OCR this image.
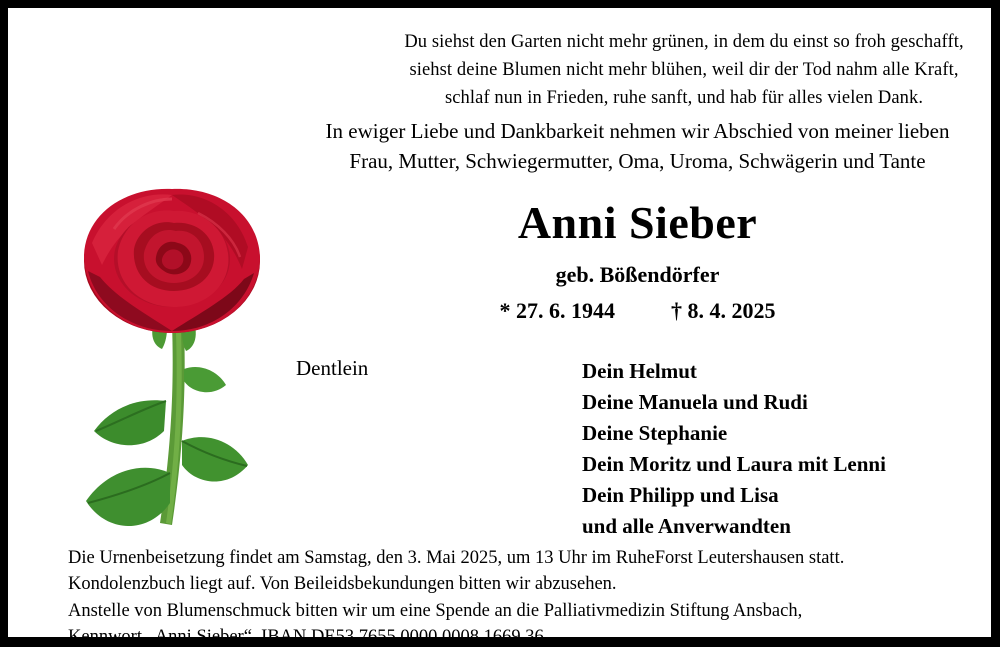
Du siehst den Garten nicht mehr grünen, in dem du einst so froh geschafft,
siehst deine Blumen nicht mehr blühen, weil dir der Tod nahm alle Kraft,
schlaf nun in Frieden, ruhe sanft, und hab für alles vielen Dank.
In ewiger Liebe und Dankbarkeit nehmen wir Abschied von meiner lieben
Frau, Mutter, Schwiegermutter, Oma, Uroma, Schwägerin und Tante
Anni Sieber
geb. Bößendörfer
* 27. 6. 1944	† 8. 4. 2025
Dentlein	Dein Helmut
Deine Manuela und Rudi
Deine Stephanie
Dein Moritz und Laura mit Lenni
Dein Philipp und Lisa
und alle Anverwandten
Die Urnenbeisetzung findet am Samstag, den 3. Mai 2025, um 13 Uhr im RuheForst Leutershausen statt.
Kondolenzbuch liegt auf. Von Beileidsbekundungen bitten wir abzusehen.
Anstelle von Blumenschmuck bitten wir um eine Spende an die Palliativmedizin Stiftung Ansbach,
Kennwort „Anni Sieber“, IBAN DE53 7655 0000 0008 1669 36.
